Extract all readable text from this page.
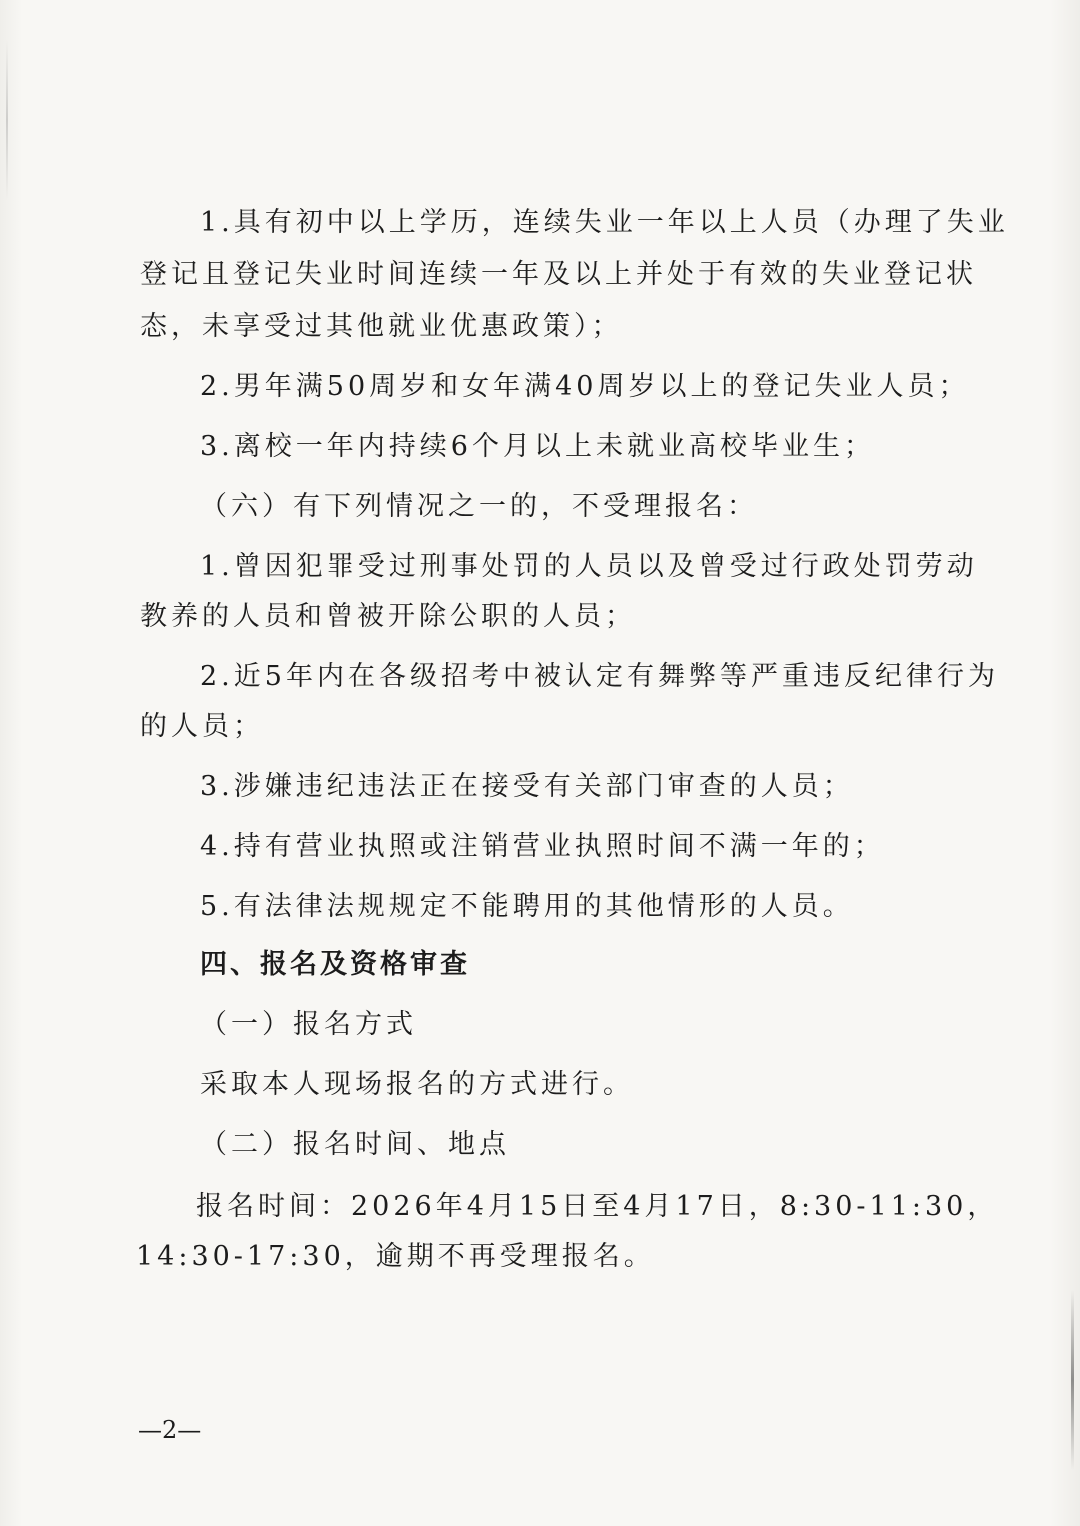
1.具有初中以上学历，连续失业一年以上人员（办理了失业
登记且登记失业时间连续一年及以上并处于有效的失业登记状
态，未享受过其他就业优惠政策）；
2.男年满50周岁和女年满40周岁以上的登记失业人员；
3.离校一年内持续6个月以上未就业高校毕业生；
（六）有下列情况之一的，不受理报名：
1.曾因犯罪受过刑事处罚的人员以及曾受过行政处罚劳动
教养的人员和曾被开除公职的人员；
2.近5年内在各级招考中被认定有舞弊等严重违反纪律行为
的人员；
3.涉嫌违纪违法正在接受有关部门审查的人员；
4.持有营业执照或注销营业执照时间不满一年的；
5.有法律法规规定不能聘用的其他情形的人员。
四、报名及资格审查
（一）报名方式
采取本人现场报名的方式进行。
（二）报名时间、地点
报名时间：2026年4月15日至4月17日，8:30-11:30，
14:30-17:30，逾期不再受理报名。
—2—
